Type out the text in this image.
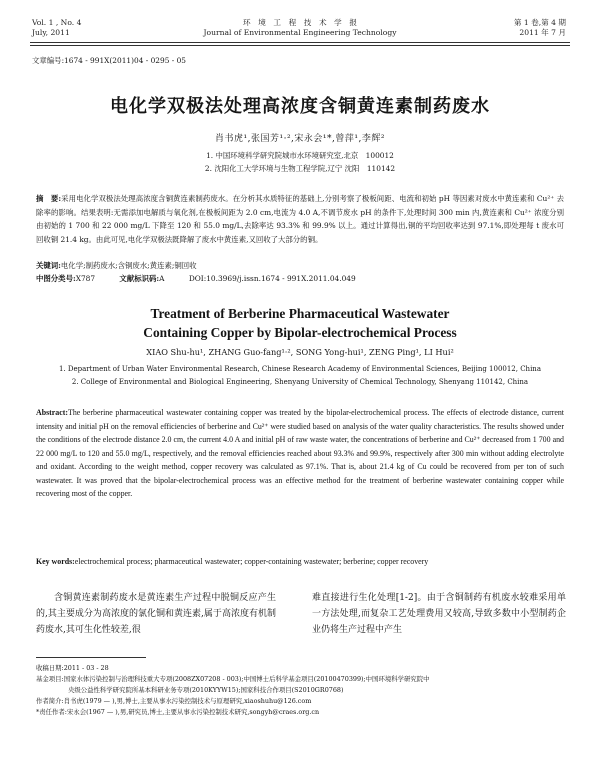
Vol. 1 , No. 4
July, 2011
环　境　工　程　技　术　学　报
Journal of Environmental Engineering Technology
第 1 卷,第 4 期
2011 年 7 月
文章编号:1674 - 991X(2011)04 - 0295 - 05
电化学双极法处理高浓度含铜黄连素制药废水
肖书虎¹,张国芳¹·²,宋永会¹*,曾萍¹,李辉²
1. 中国环境科学研究院城市水环境研究室,北京　100012
2. 沈阳化工大学环境与生物工程学院,辽宁 沈阳　110142
摘　要:采用电化学双极法处理高浓度含铜黄连素制药废水。在分析其水质特征的基础上,分别考察了极板间距、电流和初始 pH 等因素对废水中黄连素和 Cu²⁺ 去除率的影响。结果表明:无需添加电解质与氧化剂,在极板间距为 2.0 cm,电流为 4.0 A,不调节废水 pH 的条件下,处理时间 300 min 内,黄连素和 Cu²⁺ 浓度分别由初始的 1 700 和 22 000 mg/L 下降至 120 和 55.0 mg/L,去除率达 93.3% 和 99.9% 以上。通过计算得出,铜的平均回收率达到 97.1%,即处理每 t 废水可回收铜 21.4 kg。由此可见,电化学双极法既降解了废水中黄连素,又回收了大部分的铜。
关键词:电化学;制药废水;含铜废水;黄连素;铜回收
中图分类号:X787	文献标识码:A	DOI:10.3969/j.issn.1674 - 991X.2011.04.049
Treatment of Berberine Pharmaceutical Wastewater
Containing Copper by Bipolar-electrochemical Process
XIAO Shu-hu¹, ZHANG Guo-fang¹·², SONG Yong-hui¹, ZENG Ping¹, LI Hui²
1. Department of Urban Water Environmental Research, Chinese Research Academy of Environmental Sciences, Beijing 100012, China
2. College of Environmental and Biological Engineering, Shenyang University of Chemical Technology, Shenyang 110142, China
Abstract:The berberine pharmaceutical wastewater containing copper was treated by the bipolar-electrochemical process. The effects of electrode distance, current intensity and initial pH on the removal efficiencies of berberine and Cu²⁺ were studied based on analysis of the water quality characteristics. The results showed under the conditions of the electrode distance 2.0 cm, the current 4.0 A and initial pH of raw waste water, the concentrations of berberine and Cu²⁺ decreased from 1 700 and 22 000 mg/L to 120 and 55.0 mg/L, respectively, and the removal efficiencies reached about 93.3% and 99.9%, respectively after 300 min without adding electrolyte and oxidant. According to the weight method, copper recovery was calculated as 97.1%. That is, about 21.4 kg of Cu could be recovered from per ton of such wastewater. It was proved that the bipolar-electrochemical process was an effective method for the treatment of berberine wastewater containing copper while recovering most of the copper.
Key words:electrochemical process; pharmaceutical wastewater; copper-containing wastewater; berberine; copper recovery
含铜黄连素制药废水是黄连素生产过程中脱铜反应产生的,其主要成分为高浓度的氯化铜和黄连素,属于高浓度有机制药废水,其可生化性较差,很
难直接进行生化处理[1-2]。由于含铜制药有机废水较难采用单一方法处理,而复杂工艺处理费用又较高,导致多数中小型制药企业仍将生产过程中产生
收稿日期:2011 - 03 - 28
基金项目:国家水体污染控制与治理科技重大专项(2008ZX07208 - 003);中国博士后科学基金项目(20100470399);中国环境科学研究院中
　　　　　央级公益性科学研究院所基本科研业务专项(2010KYYW15);国家科技合作项目(S2010GR0768)
作者简介:肖书虎(1979 — ),男,博士,主要从事水污染控制技术与原理研究,xiaoshuhu@126.com
*责任作者:宋永会(1967 — ),男,研究员,博士,主要从事水污染控制技术研究,songyh@craes.org.cn
